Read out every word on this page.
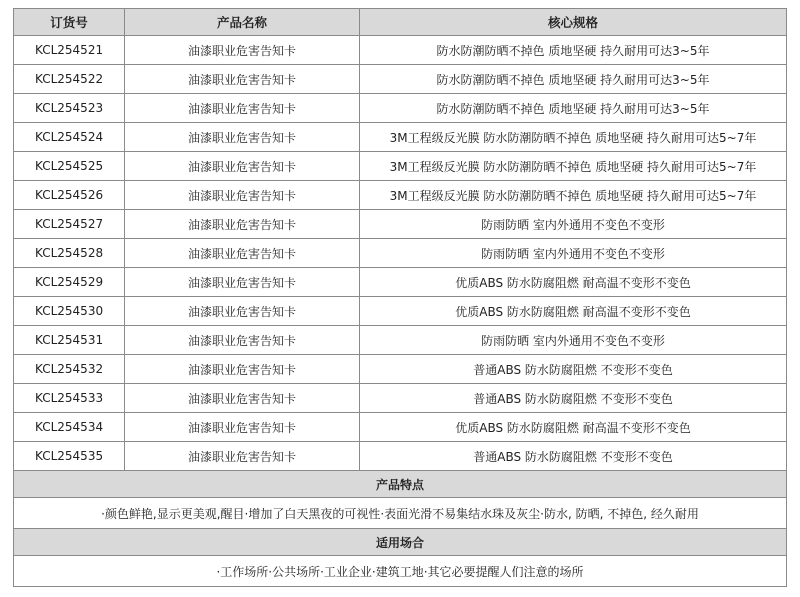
订货号	产品名称	核心规格
KCL254521	油漆职业危害告知卡	防水防潮防晒不掉色 质地坚硬 持久耐用可达3~5年
KCL254522	油漆职业危害告知卡	防水防潮防晒不掉色 质地坚硬 持久耐用可达3~5年
KCL254523	油漆职业危害告知卡	防水防潮防晒不掉色 质地坚硬 持久耐用可达3~5年
KCL254524	油漆职业危害告知卡	3M工程级反光膜 防水防潮防晒不掉色 质地坚硬 持久耐用可达5~7年
KCL254525	油漆职业危害告知卡	3M工程级反光膜 防水防潮防晒不掉色 质地坚硬 持久耐用可达5~7年
KCL254526	油漆职业危害告知卡	3M工程级反光膜 防水防潮防晒不掉色 质地坚硬 持久耐用可达5~7年
KCL254527	油漆职业危害告知卡	防雨防晒 室内外通用不变色不变形
KCL254528	油漆职业危害告知卡	防雨防晒 室内外通用不变色不变形
KCL254529	油漆职业危害告知卡	优质ABS 防水防腐阻燃 耐高温不变形不变色
KCL254530	油漆职业危害告知卡	优质ABS 防水防腐阻燃 耐高温不变形不变色
KCL254531	油漆职业危害告知卡	防雨防晒 室内外通用不变色不变形
KCL254532	油漆职业危害告知卡	普通ABS 防水防腐阻燃 不变形不变色
KCL254533	油漆职业危害告知卡	普通ABS 防水防腐阻燃 不变形不变色
KCL254534	油漆职业危害告知卡	优质ABS 防水防腐阻燃 耐高温不变形不变色
KCL254535	油漆职业危害告知卡	普通ABS 防水防腐阻燃 不变形不变色
产品特点		
·颜色鲜艳,显示更美观,醒目·增加了白天黑夜的可视性·表面光滑不易集结水珠及灰尘·防水, 防晒, 不掉色, 经久耐用		
适用场合		
·工作场所·公共场所·工业企业·建筑工地·其它必要提醒人们注意的场所		
